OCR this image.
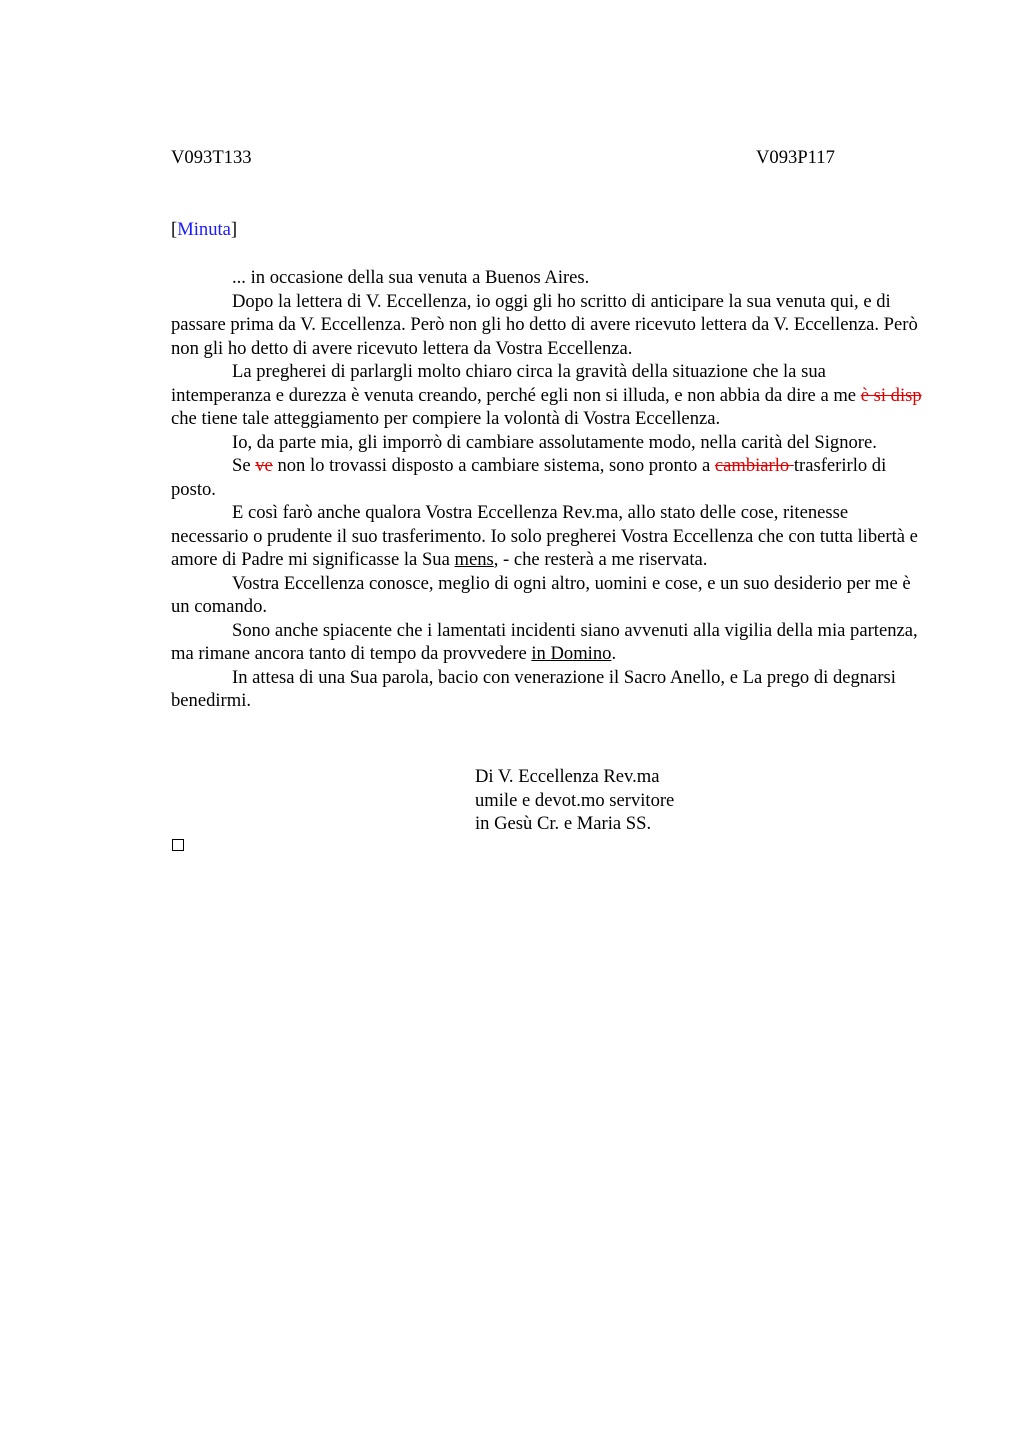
V093T133	V093P117
[Minuta]

... in occasione della sua venuta a Buenos Aires.

Dopo la lettera di V. Eccellenza, io oggi gli ho scritto di anticipare la sua venuta qui, e di passare prima da V. Eccellenza. Però non gli ho detto di avere ricevuto lettera da V. Eccellenza. Però non gli ho detto di avere ricevuto lettera da Vostra Eccellenza.

La pregherei di parlargli molto chiaro circa la gravità della situazione che la sua intemperanza e durezza è venuta creando, perché egli non si illuda, e non abbia da dire a me è si disp che tiene tale atteggiamento per compiere la volontà di Vostra Eccellenza.

Io, da parte mia, gli imporrò di cambiare assolutamente modo, nella carità del Signore.

Se ve non lo trovassi disposto a cambiare sistema, sono pronto a cambiarlo trasferirlo di posto.

E così farò anche qualora Vostra Eccellenza Rev.ma, allo stato delle cose, ritenesse necessario o prudente il suo trasferimento. Io solo pregherei Vostra Eccellenza che con tutta libertà e amore di Padre mi significasse la Sua mens, - che resterà a me riservata.

Vostra Eccellenza conosce, meglio di ogni altro, uomini e cose, e un suo desiderio per me è un comando.

Sono anche spiacente che i lamentati incidenti siano avvenuti alla vigilia della mia partenza, ma rimane ancora tanto di tempo da provvedere in Domino.

In attesa di una Sua parola, bacio con venerazione il Sacro Anello, e La prego di degnarsi benedirmi.

Di V. Eccellenza Rev.ma
umile e devot.mo servitore
in Gesù Cr. e Maria SS.
